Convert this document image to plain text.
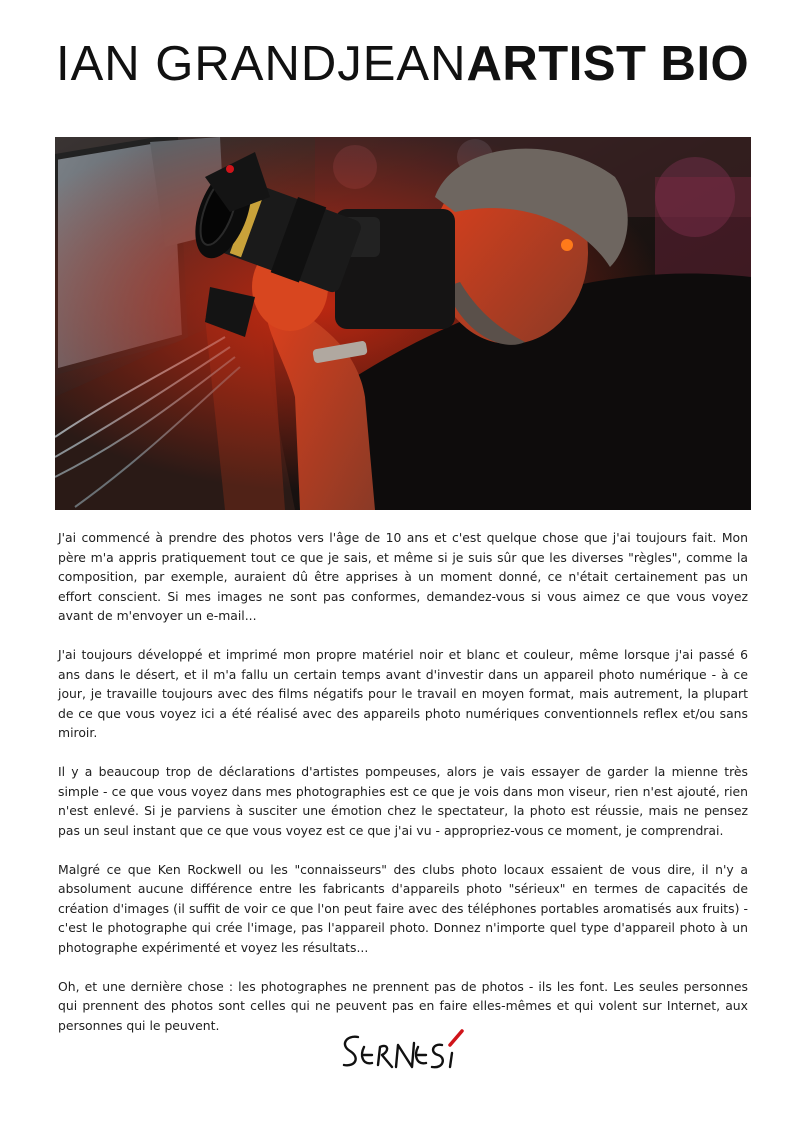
IAN GRANDJEANARTIST BIO

J'ai commencé à prendre des photos vers l'âge de 10 ans et c'est quelque chose que j'ai toujours fait. Mon père m'a appris pratiquement tout ce que je sais, et même si je suis sûr que les diverses "règles", comme la composition, par exemple, auraient dû être apprises à un moment donné, ce n'était certainement pas un effort conscient. Si mes images ne sont pas conformes, demandez-vous si vous aimez ce que vous voyez avant de m'envoyer un e-mail...

J'ai toujours développé et imprimé mon propre matériel noir et blanc et couleur, même lorsque j'ai passé 6 ans dans le désert, et il m'a fallu un certain temps avant d'investir dans un appareil photo numérique - à ce jour, je travaille toujours avec des films négatifs pour le travail en moyen format, mais autrement, la plupart de ce que vous voyez ici a été réalisé avec des appareils photo numériques conventionnels reflex et/ou sans miroir.

Il y a beaucoup trop de déclarations d'artistes pompeuses, alors je vais essayer de garder la mienne très simple - ce que vous voyez dans mes photographies est ce que je vois dans mon viseur, rien n'est ajouté, rien n'est enlevé. Si je parviens à susciter une émotion chez le spectateur, la photo est réussie, mais ne pensez pas un seul instant que ce que vous voyez est ce que j'ai vu - appropriez-vous ce moment, je comprendrai.

Malgré ce que Ken Rockwell ou les "connaisseurs" des clubs photo locaux essaient de vous dire, il n'y a absolument aucune différence entre les fabricants d'appareils photo "sérieux" en termes de capacités de création d'images (il suffit de voir ce que l'on peut faire avec des téléphones portables aromatisés aux fruits) - c'est le photographe qui crée l'image, pas l'appareil photo. Donnez n'importe quel type d'appareil photo à un photographe expérimenté et voyez les résultats...

Oh, et une dernière chose : les photographes ne prennent pas de photos - ils les font. Les seules personnes qui prennent des photos sont celles qui ne peuvent pas en faire elles-mêmes et qui volent sur Internet, aux personnes qui le peuvent.
